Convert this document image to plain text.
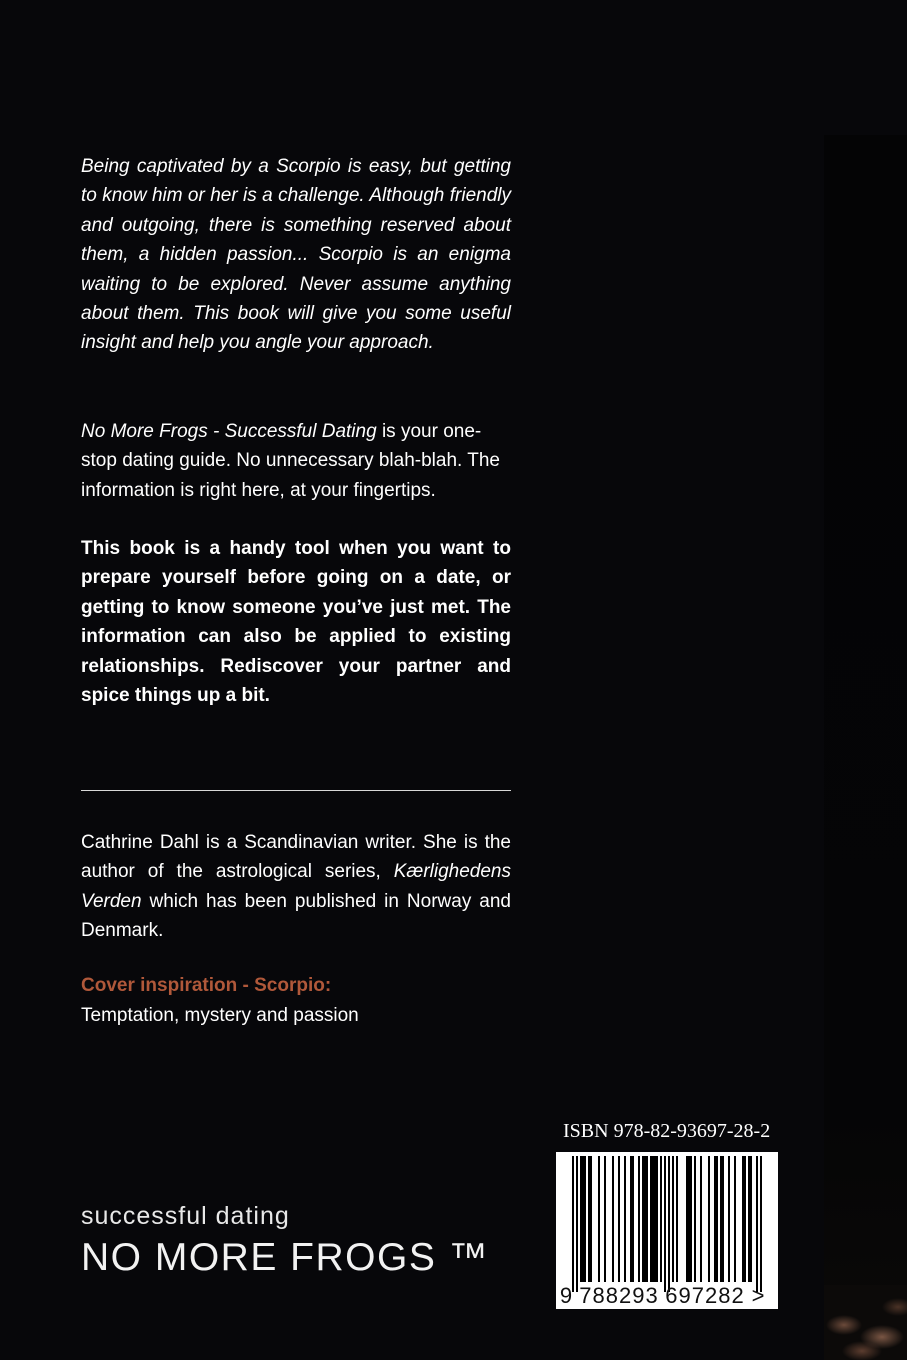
Being captivated by a Scorpio is easy, but getting to know him or her is a challenge. Although friendly and outgoing, there is something reserved about them, a hidden passion... Scorpio is an enigma waiting to be explored. Never assume anything about them. This book will give you some useful insight and help you angle your approach.

No More Frogs - Successful Dating is your one-stop dating guide. No unnecessary blah-blah. The information is right here, at your fingertips.

This book is a handy tool when you want to prepare yourself before going on a date, or getting to know someone you’ve just met. The information can also be applied to existing relationships. Rediscover your partner and spice things up a bit.

Cathrine Dahl is a Scandinavian writer. She is the author of the astrological series, Kærlighedens Verden which has been published in Norway and Denmark.

Cover inspiration - Scorpio:
Temptation, mystery and passion
successful dating
NO MORE FROGS ™
ISBN 978-82-93697-28-2
9 788293 697282 >
